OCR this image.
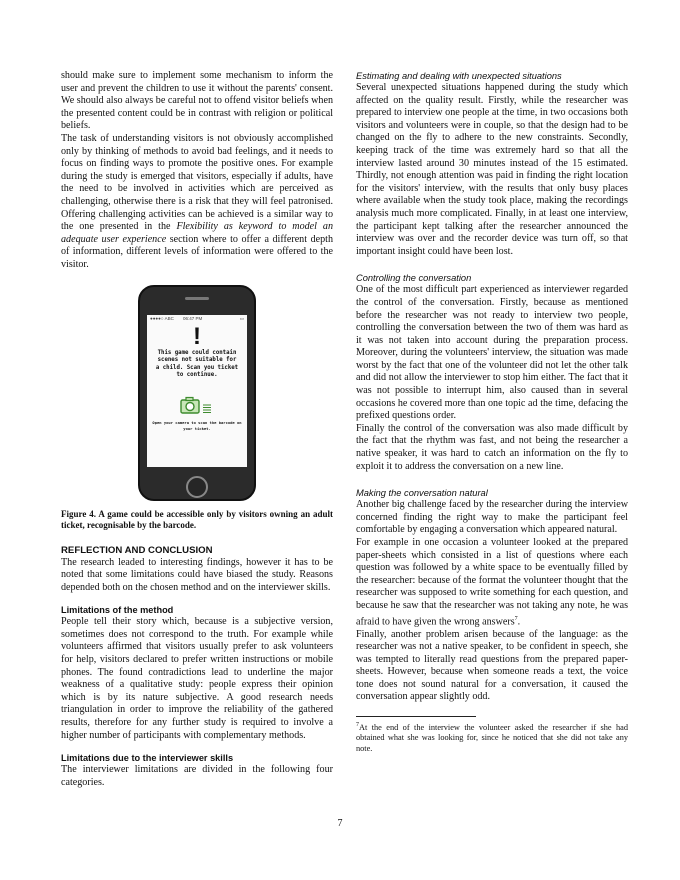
should make sure to implement some mechanism to inform the user and prevent the children to use it without the parents' consent. We should also always be careful not to offend visitor beliefs when the presented content could be in contrast with religion or political beliefs.

The task of understanding visitors is not obviously accomplished only by thinking of methods to avoid bad feelings, and it needs to focus on finding ways to promote the positive ones. For example during the study is emerged that visitors, especially if adults, have the need to be involved in activities which are perceived as challenging, otherwise there is a risk that they will feel patronised. Offering challenging activities can be achieved is a similar way to the one presented in the Flexibility as keyword to model an adequate user experience section where to offer a different depth of information, different levels of information were offered to the visitor.

●●●●○ ABC 06:47 PM	▭
!
This game could contain scenes not suitable for a child. Scan you ticket to continue.
Open your camera to scan the barcode on your ticket.
Figure 4. A game could be accessible only by visitors owning an adult ticket, recognisable by the barcode.

REFLECTION AND CONCLUSION

The research leaded to interesting findings, however it has to be noted that some limitations could have biased the study. Reasons depended both on the chosen method and on the interviewer skills.

Limitations of the method

People tell their story which, because is a subjective version, sometimes does not correspond to the truth. For example while volunteers affirmed that visitors usually prefer to ask volunteers for help, visitors declared to prefer written instructions or mobile phones. The found contradictions lead to underline the major weakness of a qualitative study: people express their opinion which is by its nature subjective. A good research needs triangulation in order to improve the reliability of the gathered results, therefore for any further study is required to involve a higher number of participants with complementary methods.

Limitations due to the interviewer skills

The interviewer limitations are divided in the following four categories.

Estimating and dealing with unexpected situations

Several unexpected situations happened during the study which affected on the quality result. Firstly, while the researcher was prepared to interview one people at the time, in two occasions both visitors and volunteers were in couple, so that the design had to be changed on the fly to adhere to the new constraints. Secondly, keeping track of the time was extremely hard so that all the interview lasted around 30 minutes instead of the 15 estimated. Thirdly, not enough attention was paid in finding the right location for the visitors' interview, with the results that only busy places where available when the study took place, making the recordings analysis much more complicated. Finally, in at least one interview, the participant kept talking after the researcher announced the interview was over and the recorder device was turn off, so that important insight could have been lost.

Controlling the conversation

One of the most difficult part experienced as interviewer regarded the control of the conversation. Firstly, because as mentioned before the researcher was not ready to interview two people, controlling the conversation between the two of them was hard as it was not taken into account during the preparation process. Moreover, during the volunteers' interview, the situation was made worst by the fact that one of the volunteer did not let the other talk and did not allow the interviewer to stop him either. The fact that it was not possible to interrupt him, also caused than in several occasions he covered more than one topic ad the time, defacing the prefixed questions order.

Finally the control of the conversation was also made difficult by the fact that the rhythm was fast, and not being the researcher a native speaker, it was hard to catch an information on the fly to exploit it to address the conversation on a new line.

Making the conversation natural

Another big challenge faced by the researcher during the interview concerned finding the right way to make the participant feel comfortable by engaging a conversation which appeared natural.

For example in one occasion a volunteer looked at the prepared paper-sheets which consisted in a list of questions where each question was followed by a white space to be eventually filled by the researcher: because of the format the volunteer thought that the researcher was supposed to write something for each question, and because he saw that the researcher was not taking any note, he was afraid to have given the wrong answers$^7$.

Finally, another problem arisen because of the language: as the researcher was not a native speaker, to be confident in speech, she was tempted to literally read questions from the prepared paper-sheets. However, because when someone reads a text, the voice tone does not sound natural for a conversation, it caused the conversation appear slightly odd.

$^7$At the end of the interview the volunteer asked the researcher if she had obtained what she was looking for, since he noticed that she did not take any note.

7
